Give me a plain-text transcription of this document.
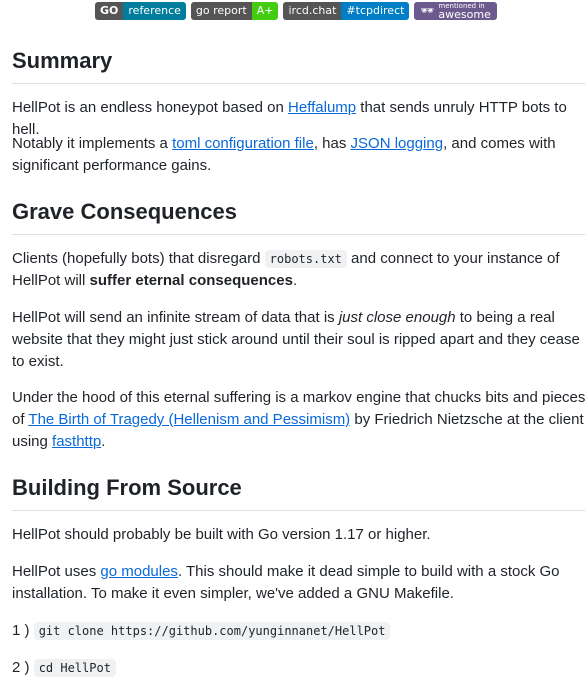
GO reference	go report A+	ircd.chat #tcpdirect	🕶 mentioned in
awesome
Summary

HellPot is an endless honeypot based on Heffalump that sends unruly HTTP bots to hell.

Notably it implements a toml configuration file, has JSON logging, and comes with significant performance gains.

Grave Consequences

Clients (hopefully bots) that disregard robots.txt and connect to your instance of HellPot will suffer eternal consequences.

HellPot will send an infinite stream of data that is just close enough to being a real website that they might just stick around until their soul is ripped apart and they cease to exist.

Under the hood of this eternal suffering is a markov engine that chucks bits and pieces of The Birth of Tragedy (Hellenism and Pessimism) by Friedrich Nietzsche at the client using fasthttp.

Building From Source

HellPot should probably be built with Go version 1.17 or higher.

HellPot uses go modules. This should make it dead simple to build with a stock Go installation. To make it even simpler, we've added a GNU Makefile.

1 ) git clone https://github.com/yunginnanet/HellPot
2 ) cd HellPot
